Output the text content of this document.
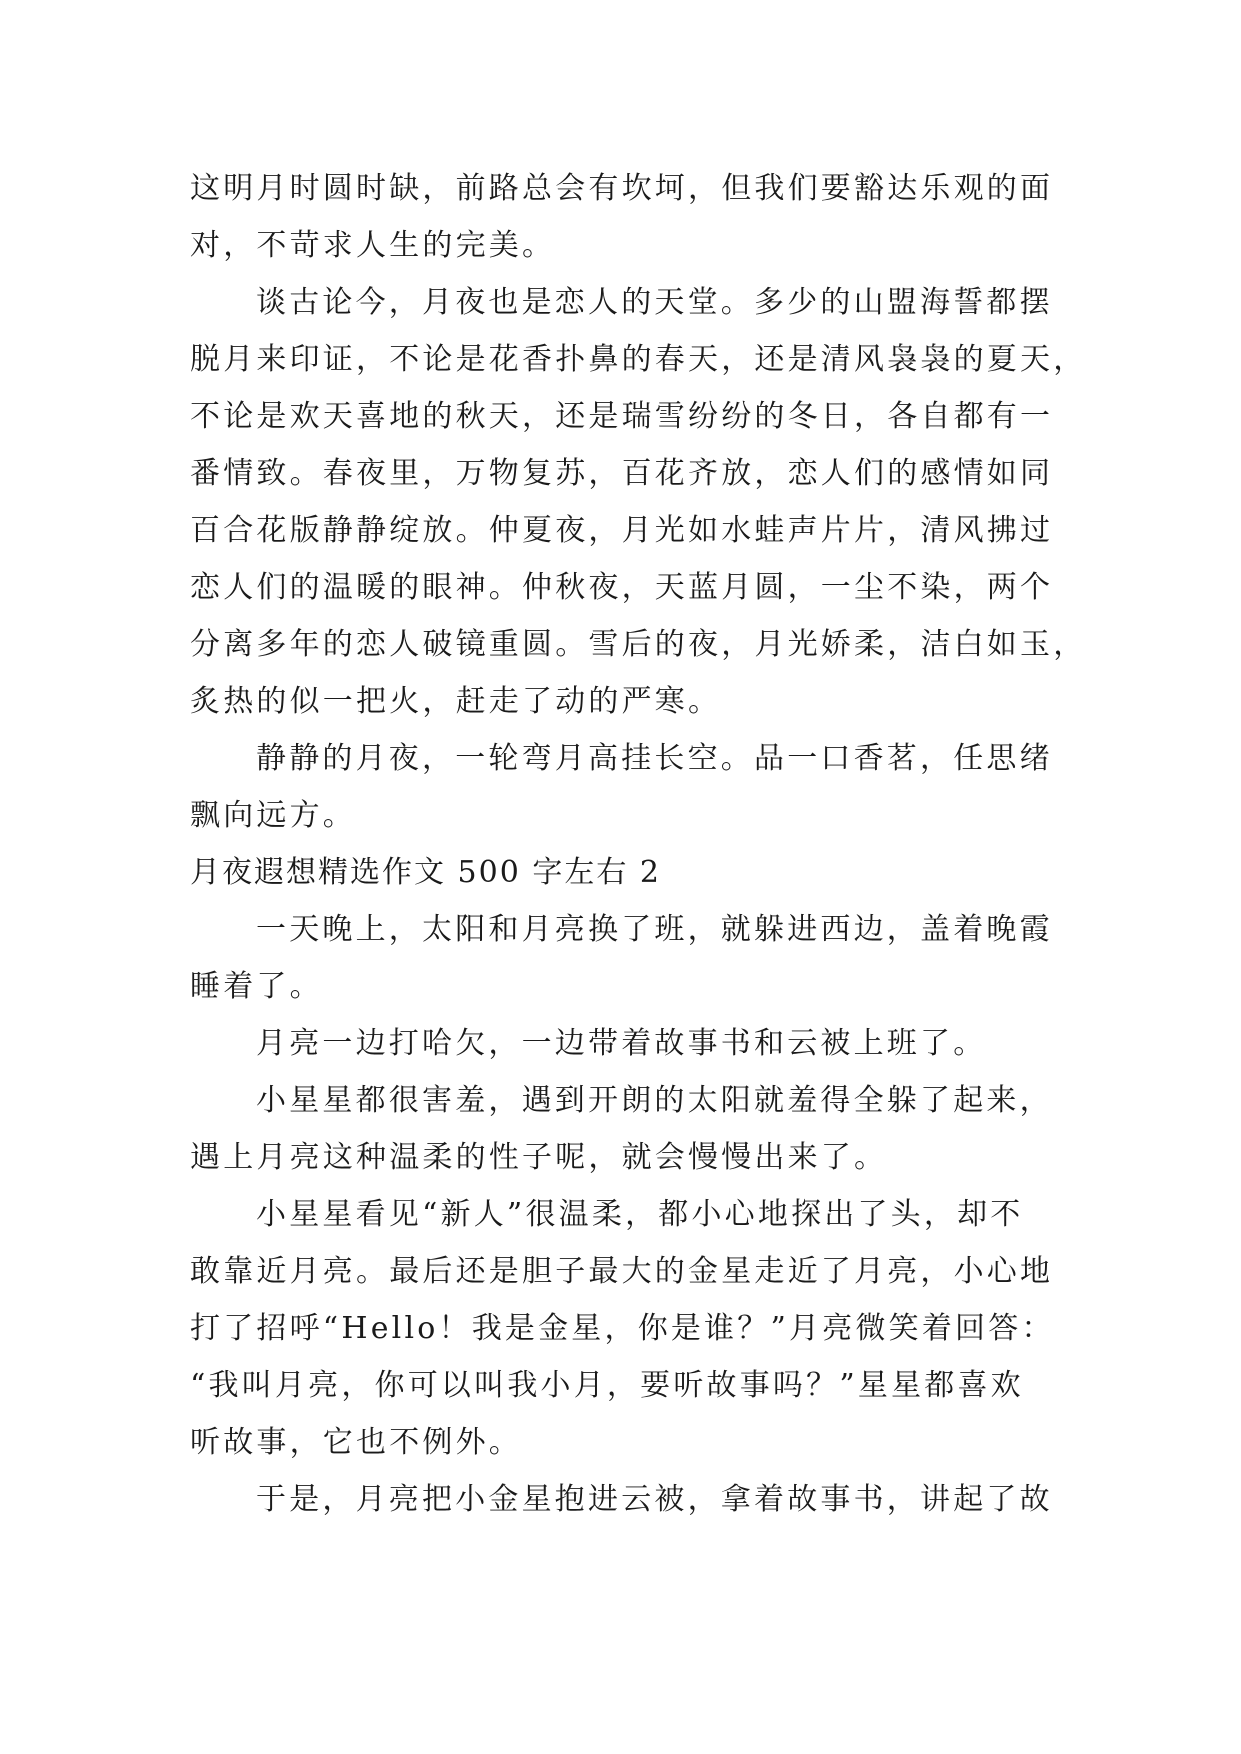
这明月时圆时缺，前路总会有坎坷，但我们要豁达乐观的面
对，不苛求人生的完美。
谈古论今，月夜也是恋人的天堂。多少的山盟海誓都摆
脱月来印证，不论是花香扑鼻的春天，还是清风袅袅的夏天，
不论是欢天喜地的秋天，还是瑞雪纷纷的冬日，各自都有一
番情致。春夜里，万物复苏，百花齐放，恋人们的感情如同
百合花版静静绽放。仲夏夜，月光如水蛙声片片，清风拂过
恋人们的温暖的眼神。仲秋夜，天蓝月圆，一尘不染，两个
分离多年的恋人破镜重圆。雪后的夜，月光娇柔，洁白如玉，
炙热的似一把火，赶走了动的严寒。
静静的月夜，一轮弯月高挂长空。品一口香茗，任思绪
飘向远方。
月夜遐想精选作文 500 字左右 2
一天晚上，太阳和月亮换了班，就躲进西边，盖着晚霞
睡着了。
月亮一边打哈欠，一边带着故事书和云被上班了。
小星星都很害羞，遇到开朗的太阳就羞得全躲了起来，
遇上月亮这种温柔的性子呢，就会慢慢出来了。
小星星看见“新人”很温柔，都小心地探出了头，却不
敢靠近月亮。最后还是胆子最大的金星走近了月亮，小心地
打了招呼“Hello！我是金星，你是谁？”月亮微笑着回答：
“我叫月亮，你可以叫我小月，要听故事吗？”星星都喜欢
听故事，它也不例外。
于是，月亮把小金星抱进云被，拿着故事书，讲起了故
